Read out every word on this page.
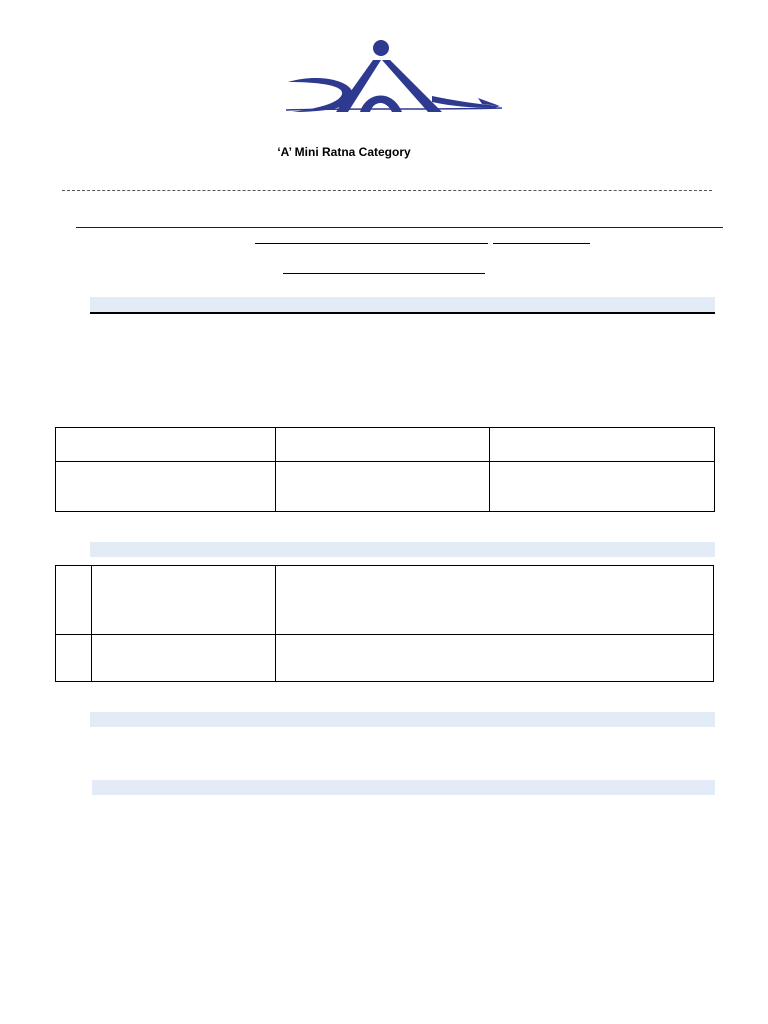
‘A’ Mini Ratna Category
